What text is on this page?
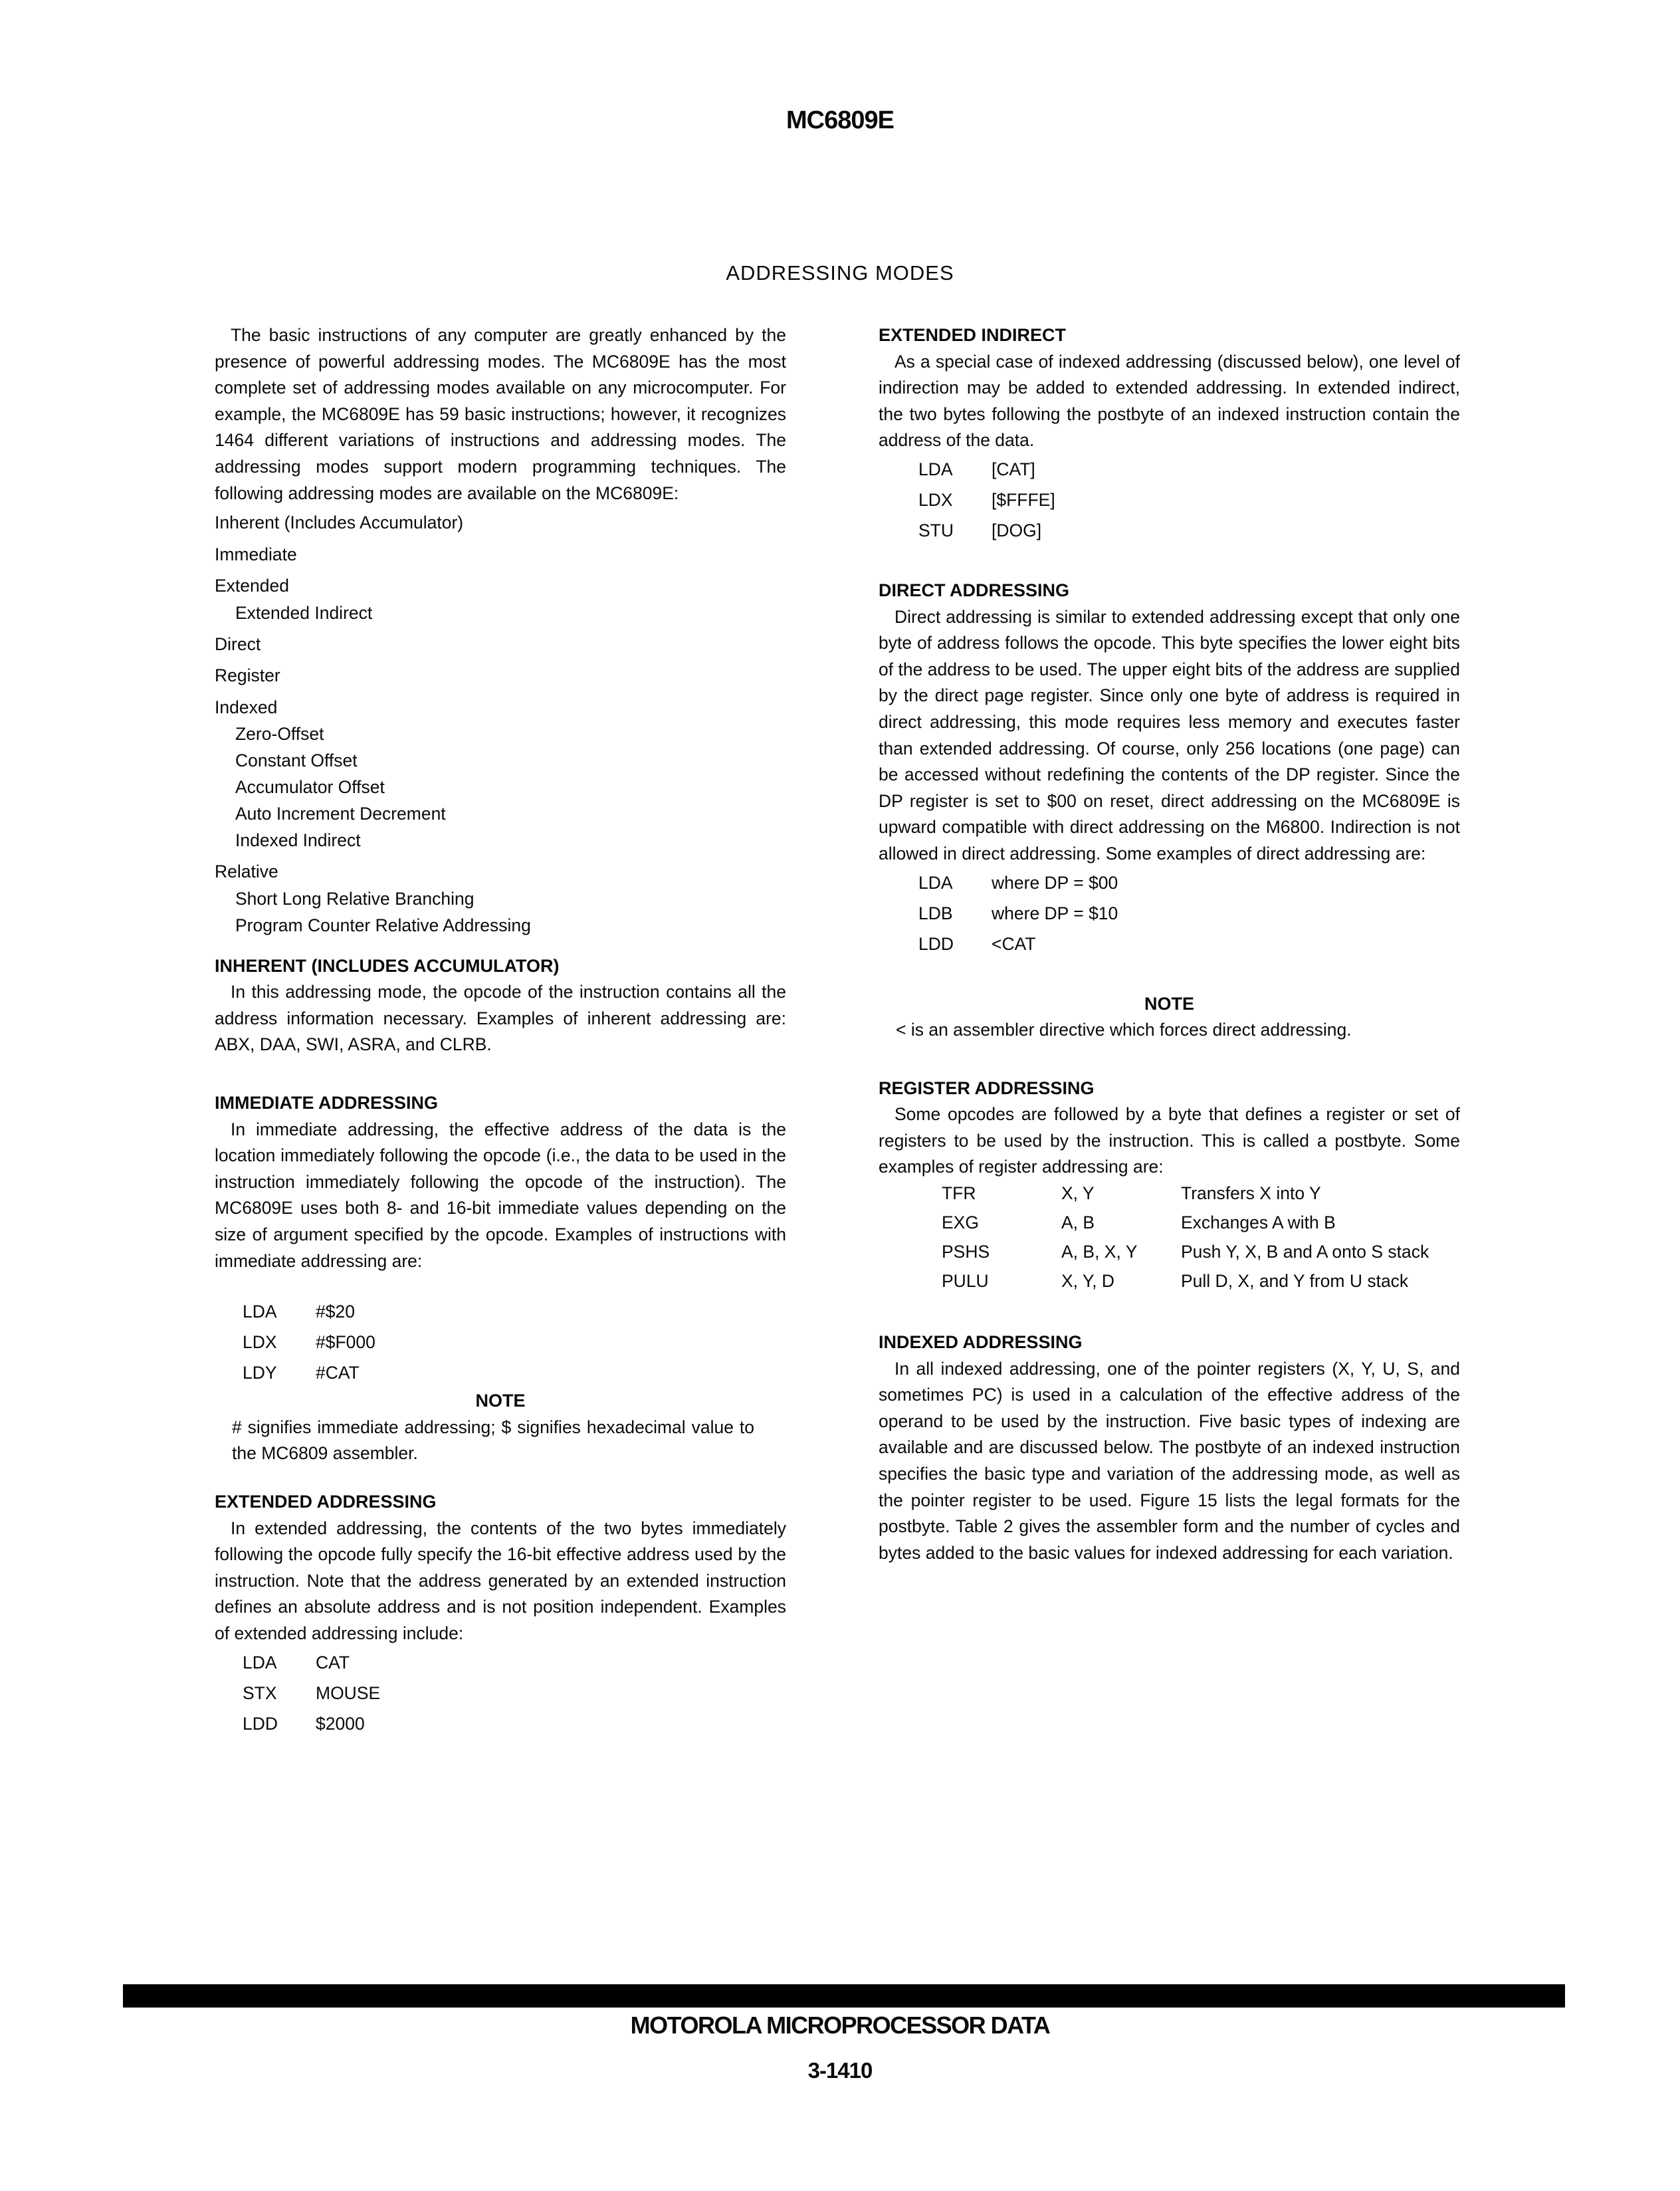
MC6809E
ADDRESSING MODES

The basic instructions of any computer are greatly enhanced by the presence of powerful addressing modes. The MC6809E has the most complete set of addressing modes available on any microcomputer. For example, the MC6809E has 59 basic instructions; however, it recognizes 1464 different variations of instructions and addressing modes. The addressing modes support modern programming techniques. The following addressing modes are available on the MC6809E:

Inherent (Includes Accumulator)
Immediate
Extended
Extended Indirect
Direct
Register
Indexed
Zero-Offset
Constant Offset
Accumulator Offset
Auto Increment Decrement
Indexed Indirect
Relative
Short Long Relative Branching
Program Counter Relative Addressing

INHERENT (INCLUDES ACCUMULATOR)

In this addressing mode, the opcode of the instruction contains all the address information necessary. Examples of inherent addressing are: ABX, DAA, SWI, ASRA, and CLRB.

IMMEDIATE ADDRESSING

In immediate addressing, the effective address of the data is the location immediately following the opcode (i.e., the data to be used in the instruction immediately following the opcode of the instruction). The MC6809E uses both 8- and 16-bit immediate values depending on the size of argument specified by the opcode. Examples of instructions with immediate addressing are:

LDA	#$20
LDX	#$F000
LDY	#CAT

NOTE

# signifies immediate addressing; $ signifies hexadecimal value to the MC6809 assembler.

EXTENDED ADDRESSING

In extended addressing, the contents of the two bytes immediately following the opcode fully specify the 16-bit effective address used by the instruction. Note that the address generated by an extended instruction defines an absolute address and is not position independent. Examples of extended addressing include:

LDA	CAT
STX	MOUSE
LDD	$2000

EXTENDED INDIRECT

As a special case of indexed addressing (discussed below), one level of indirection may be added to extended addressing. In extended indirect, the two bytes following the postbyte of an indexed instruction contain the address of the data.

LDA	[CAT]
LDX	[$FFFE]
STU	[DOG]

DIRECT ADDRESSING

Direct addressing is similar to extended addressing except that only one byte of address follows the opcode. This byte specifies the lower eight bits of the address to be used. The upper eight bits of the address are supplied by the direct page register. Since only one byte of address is required in direct addressing, this mode requires less memory and executes faster than extended addressing. Of course, only 256 locations (one page) can be accessed without redefining the contents of the DP register. Since the DP register is set to $00 on reset, direct addressing on the MC6809E is upward compatible with direct addressing on the M6800. Indirection is not allowed in direct addressing. Some examples of direct addressing are:

LDA	where DP = $00
LDB	where DP = $10
LDD	<CAT

NOTE

< is an assembler directive which forces direct addressing.

REGISTER ADDRESSING

Some opcodes are followed by a byte that defines a register or set of registers to be used by the instruction. This is called a postbyte. Some examples of register addressing are:

TFR	X, Y	Transfers X into Y
EXG	A, B	Exchanges A with B
PSHS	A, B, X, Y	Push Y, X, B and A onto S stack
PULU	X, Y, D	Pull D, X, and Y from U stack

INDEXED ADDRESSING

In all indexed addressing, one of the pointer registers (X, Y, U, S, and sometimes PC) is used in a calculation of the effective address of the operand to be used by the instruction. Five basic types of indexing are available and are discussed below. The postbyte of an indexed instruction specifies the basic type and variation of the addressing mode, as well as the pointer register to be used. Figure 15 lists the legal formats for the postbyte. Table 2 gives the assembler form and the number of cycles and bytes added to the basic values for indexed addressing for each variation.

MOTOROLA MICROPROCESSOR DATA
3-1410
